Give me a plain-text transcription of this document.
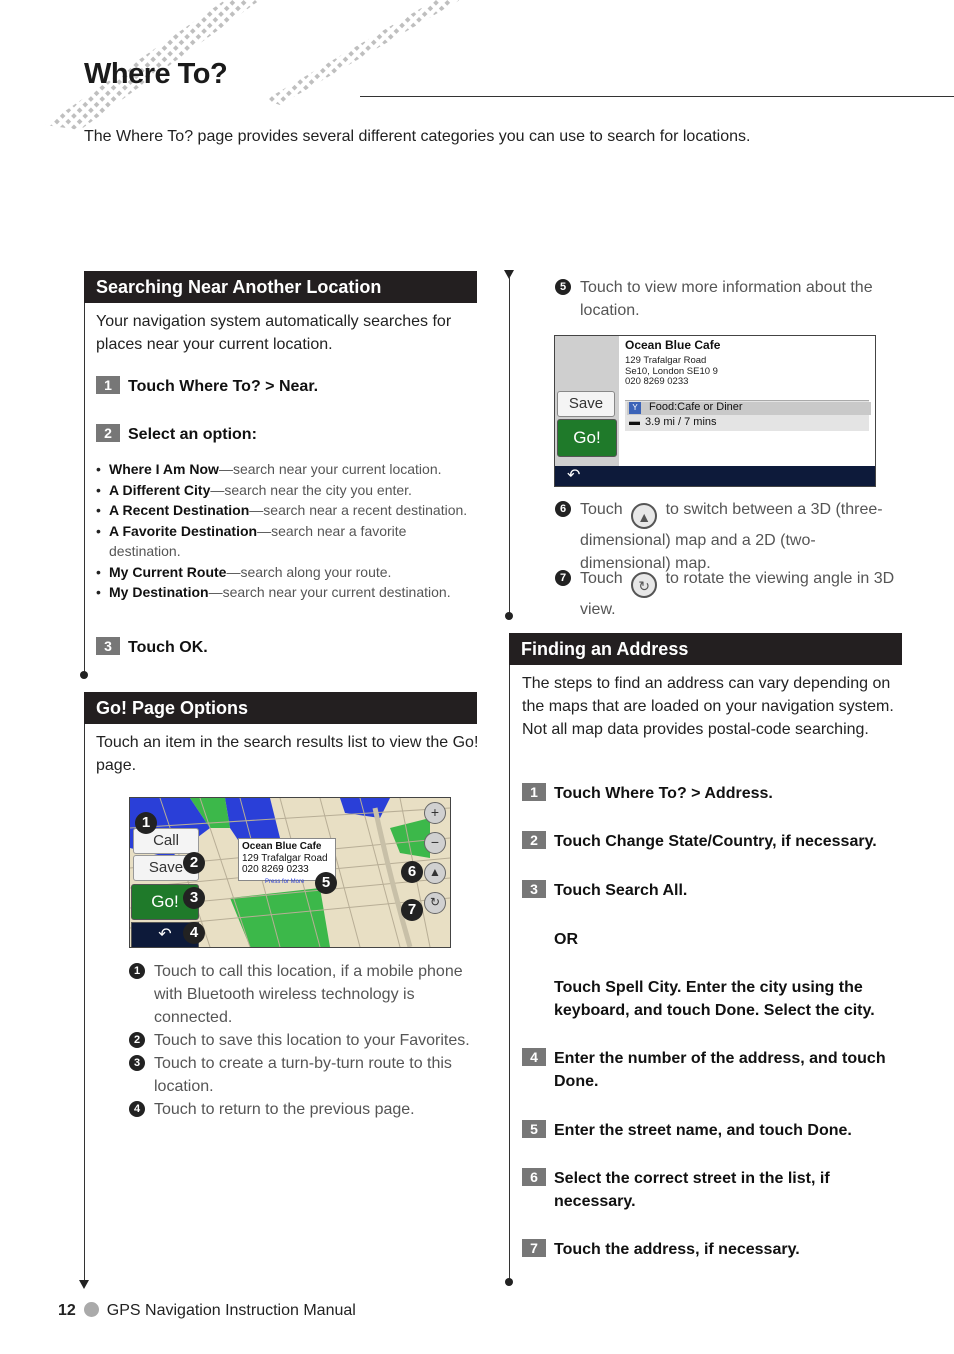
Where To?
The Where To? page provides several different categories you can use to search for locations.
Searching Near Another Location
Your navigation system automatically searches for places near your current location.
1 Touch Where To? > Near.
2 Select an option:
• Where I Am Now—search near your current location.
• A Different City—search near the city you enter.
• A Recent Destination—search near a recent destination.
• A Favorite Destination—search near a favorite destination.
• My Current Route—search along your route.
• My Destination—search near your current destination.
3 Touch OK.
Go! Page Options
Touch an item in the search results list to view the Go! page.
Call
Save
Go!
↶
Ocean Blue Cafe
129 Trafalgar Road
020 8269 0233
Press for More
+
−
▲
↻
1
2
3
4
5
6
7
1 Touch to call this location, if a mobile phone with Bluetooth wireless technology is connected.
2 Touch to save this location to your Favorites.
3 Touch to create a turn-by-turn route to this location.
4 Touch to return to the previous page.
5 Touch to view more information about the location.
Save
Go!
Ocean Blue Cafe
129 Trafalgar Road
Se10, London SE10 9
020 8269 0233
Y	Food:Cafe or Diner
▬ 3.9 mi / 7 mins
↶
6 Touch ▲ to switch between a 3D (three-dimensional) map and a 2D (two-dimensional) map.
7 Touch ↻ to rotate the viewing angle in 3D view.
Finding an Address
The steps to find an address can vary depending on the maps that are loaded on your navigation system. Not all map data provides postal-code searching.
1 Touch Where To? > Address.
2 Touch Change State/Country, if necessary.
3 Touch Search All.
OR
Touch Spell City. Enter the city using the keyboard, and touch Done. Select the city.
4 Enter the number of the address, and touch Done.
5 Enter the street name, and touch Done.
6 Select the correct street in the list, if necessary.
7 Touch the address, if necessary.
12 GPS Navigation Instruction Manual
